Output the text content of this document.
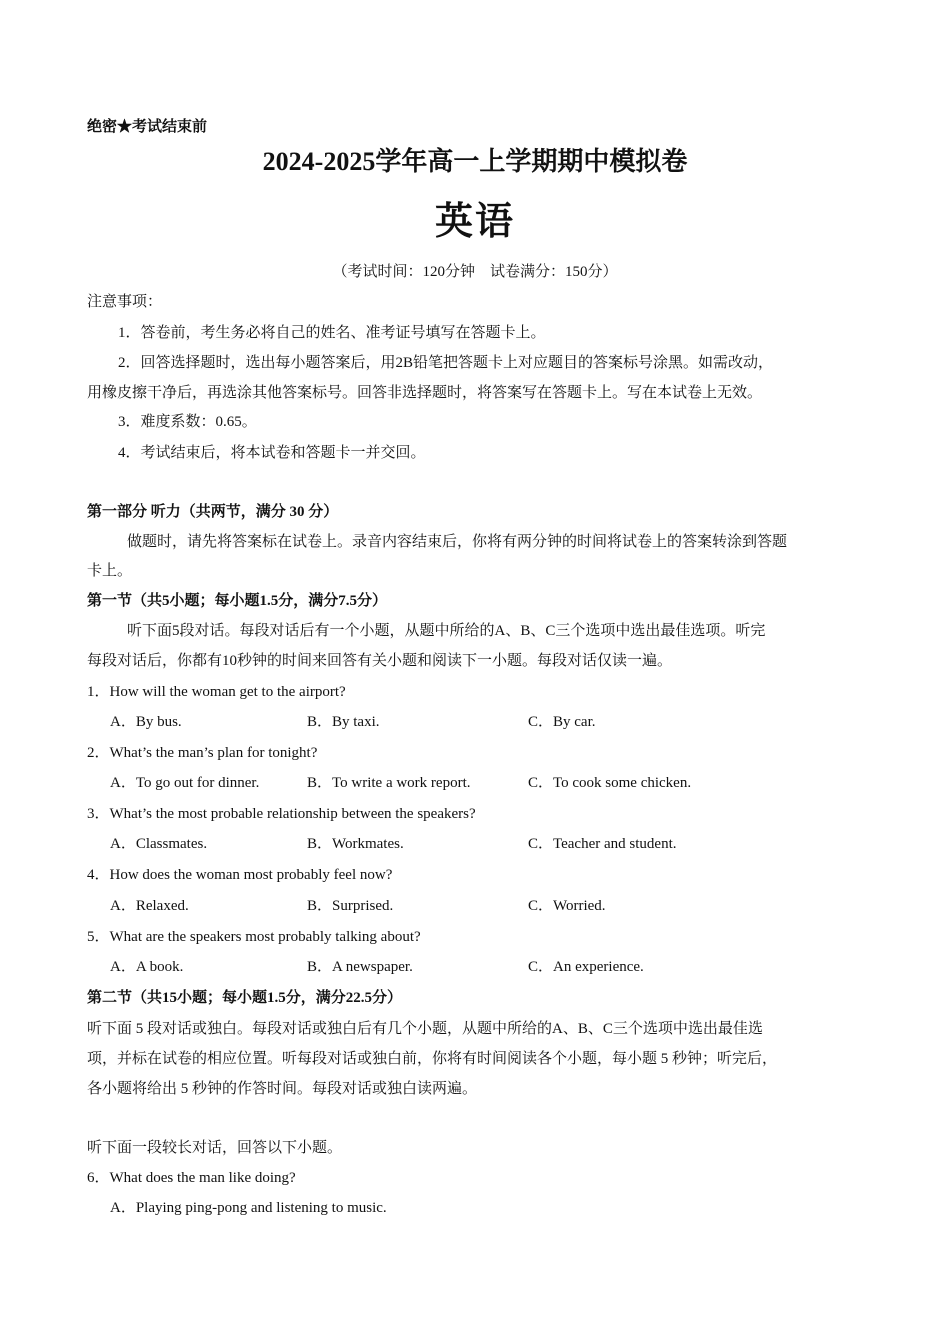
绝密★考试结束前
2024-2025学年高一上学期期中模拟卷
英语
（考试时间：120分钟　试卷满分：150分）
注意事项：
1．答卷前，考生务必将自己的姓名、准考证号填写在答题卡上。
2．回答选择题时，选出每小题答案后，用2B铅笔把答题卡上对应题目的答案标号涂黑。如需改动，
用橡皮擦干净后，再选涂其他答案标号。回答非选择题时，将答案写在答题卡上。写在本试卷上无效。
3．难度系数：0.65。
4．考试结束后，将本试卷和答题卡一并交回。
第一部分 听力（共两节，满分 30 分）
做题时，请先将答案标在试卷上。录音内容结束后，你将有两分钟的时间将试卷上的答案转涂到答题
卡上。
第一节（共5小题；每小题1.5分，满分7.5分）
听下面5段对话。每段对话后有一个小题，从题中所给的A、B、C三个选项中选出最佳选项。听完
每段对话后，你都有10秒钟的时间来回答有关小题和阅读下一小题。每段对话仅读一遍。
1．How will the woman get to the airport?
A．By bus.	B．By taxi.	C．By car.
2．What’s the man’s plan for tonight?
A．To go out for dinner.	B．To write a work report.	C．To cook some chicken.
3．What’s the most probable relationship between the speakers?
A．Classmates.	B．Workmates.	C．Teacher and student.
4．How does the woman most probably feel now?
A．Relaxed.	B．Surprised.	C．Worried.
5．What are the speakers most probably talking about?
A．A book.	B．A newspaper.	C．An experience.
第二节（共15小题；每小题1.5分，满分22.5分）
听下面 5 段对话或独白。每段对话或独白后有几个小题，从题中所给的A、B、C三个选项中选出最佳选
项，并标在试卷的相应位置。听每段对话或独白前，你将有时间阅读各个小题，每小题 5 秒钟；听完后，
各小题将给出 5 秒钟的作答时间。每段对话或独白读两遍。
听下面一段较长对话，回答以下小题。
6．What does the man like doing?
A．Playing ping-pong and listening to music.
